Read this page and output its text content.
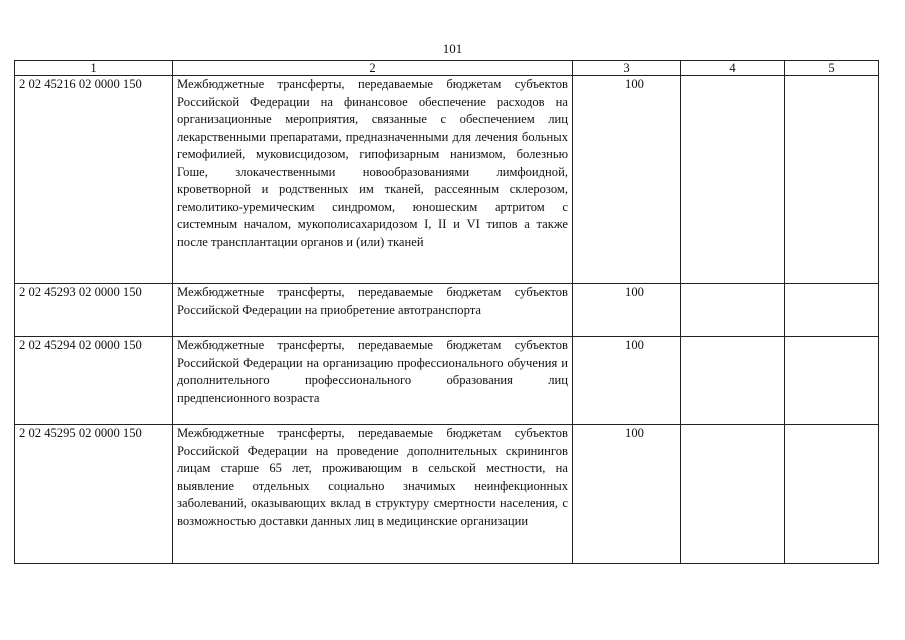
101
1	2	3	4	5
2 02 45216 02 0000 150	Межбюджетные трансферты, передаваемые бюджетам субъектов Российской Федерации на финансовое обеспечение расходов на организационные мероприятия, связанные с обеспечением лиц лекарственными препаратами, предназначенными для лечения больных гемофилией, муковисцидозом, гипофизарным нанизмом, болезнью Гоше, злокачественными новообразованиями лимфоидной, кроветворной и родственных им тканей, рассеянным склерозом, гемолитико-уремическим синдромом, юношеским артритом с системным началом, мукополисахаридозом I, II и VI типов а также после трансплантации органов и (или) тканей	100		

2 02 45293 02 0000 150	Межбюджетные трансферты, передаваемые бюджетам субъектов Российской Федерации на приобретение автотранспорта	100		

2 02 45294 02 0000 150	Межбюджетные трансферты, передаваемые бюджетам субъектов Российской Федерации на организацию профессионального обучения и дополнительного профессионального образования лиц предпенсионного возраста	100		

2 02 45295 02 0000 150	Межбюджетные трансферты, передаваемые бюджетам субъектов Российской Федерации на проведение дополнительных скринингов лицам старше 65 лет, проживающим в сельской местности, на выявление отдельных социально значимых неинфекционных заболеваний, оказывающих вклад в структуру смертности населения, с возможностью доставки данных лиц в медицинские организации	100		
